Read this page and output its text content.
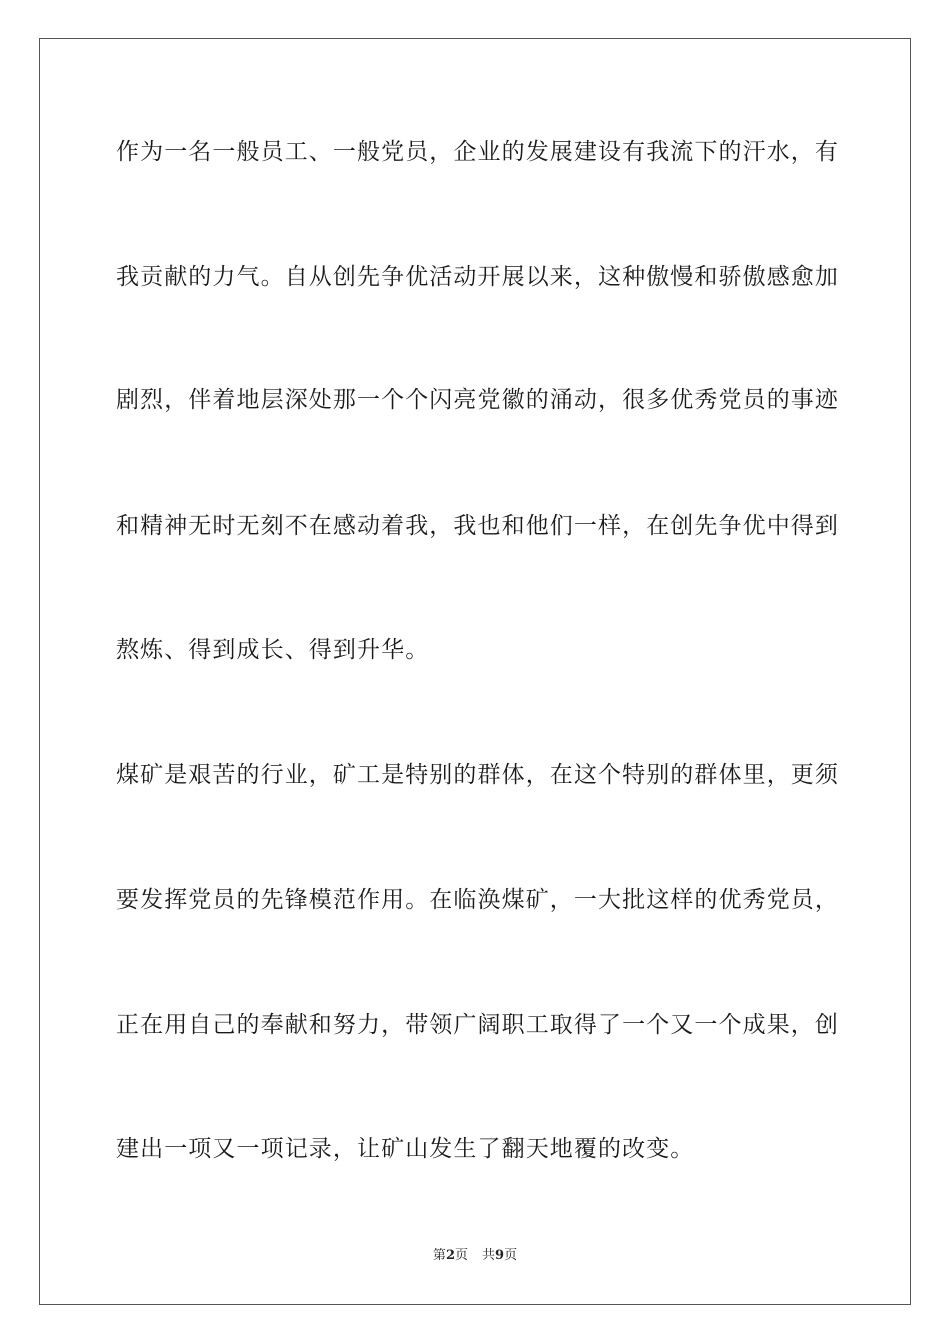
作为一名一般员工、一般党员，企业的发展建设有我流下的汗水，有
我贡献的力气。自从创先争优活动开展以来，这种傲慢和骄傲感愈加
剧烈，伴着地层深处那一个个闪亮党徽的涌动，很多优秀党员的事迹
和精神无时无刻不在感动着我，我也和他们一样，在创先争优中得到
熬炼、得到成长、得到升华。
煤矿是艰苦的行业，矿工是特别的群体，在这个特别的群体里，更须
要发挥党员的先锋模范作用。在临涣煤矿，一大批这样的优秀党员，
正在用自己的奉献和努力，带领广阔职工取得了一个又一个成果，创
建出一项又一项记录，让矿山发生了翻天地覆的改变。
第2页 共9页
